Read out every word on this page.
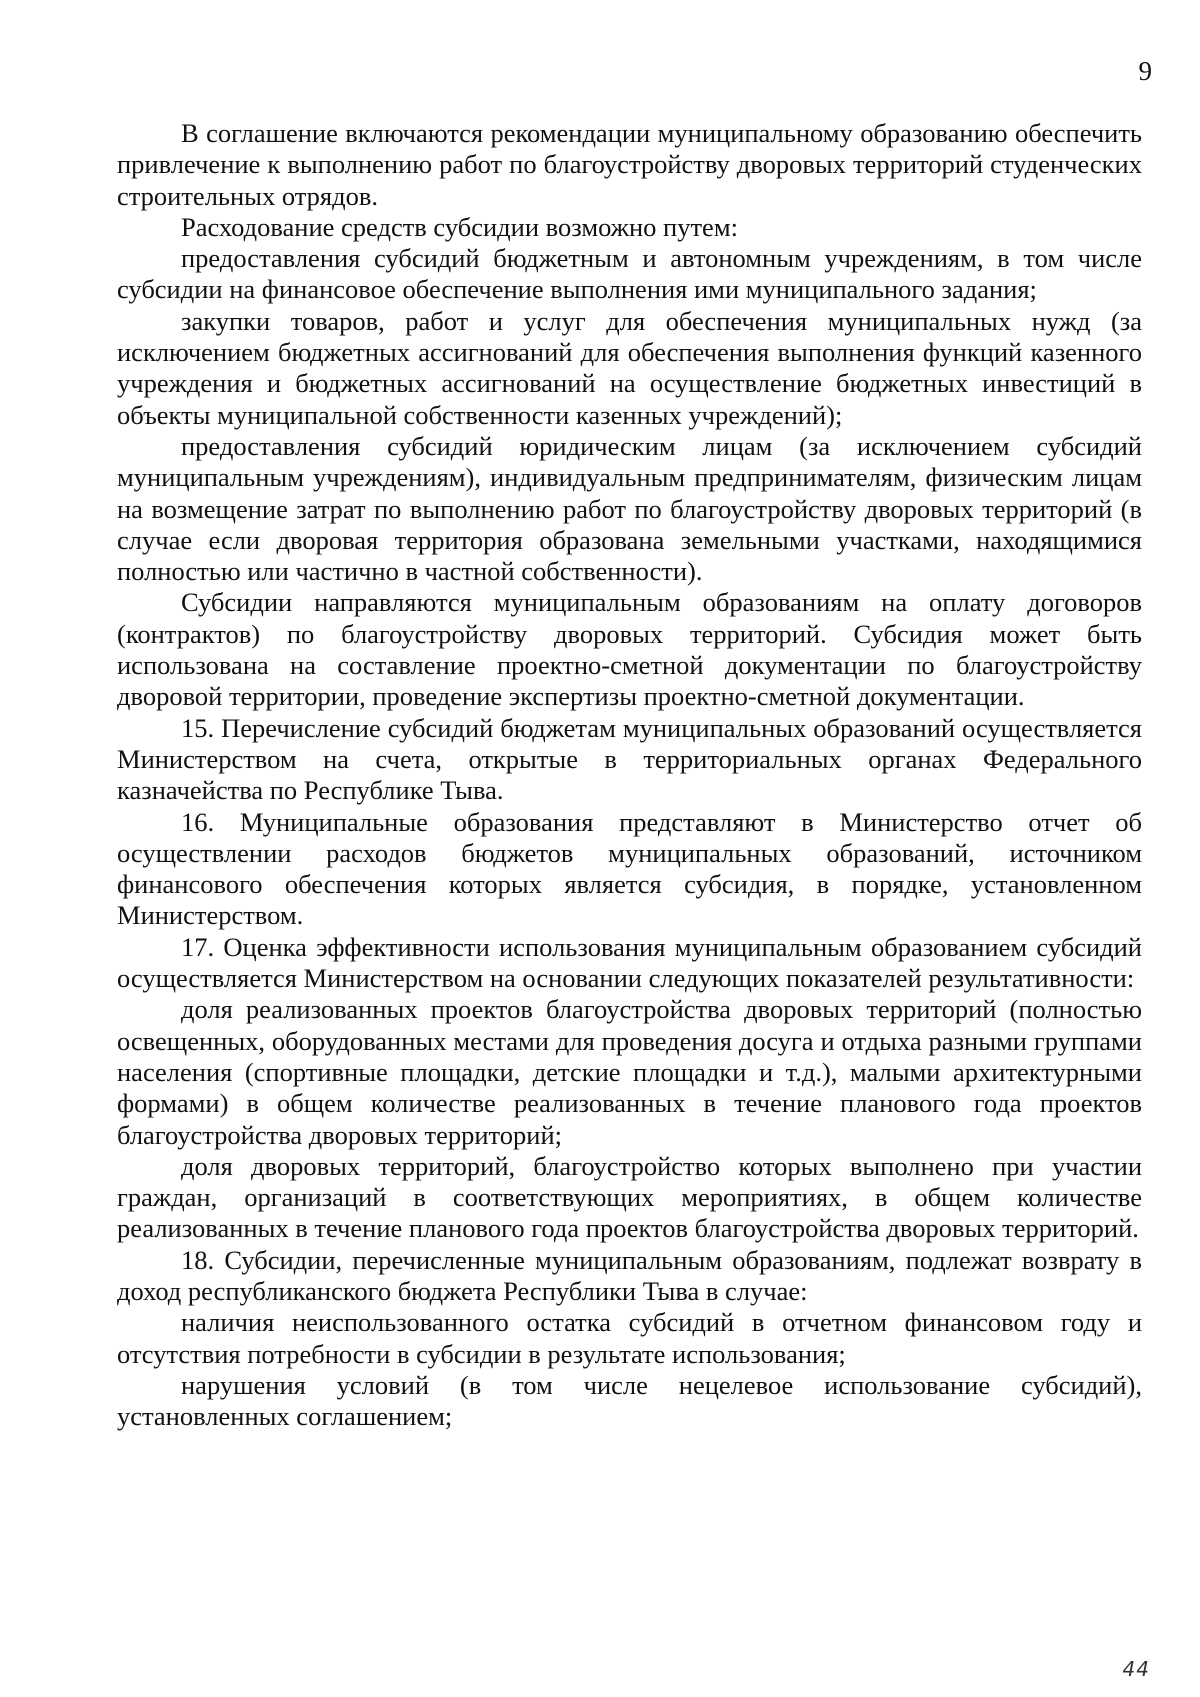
9

В соглашение включаются рекомендации муниципальному образованию обеспечить привлечение к выполнению работ по благоустройству дворовых территорий студенческих строительных отрядов.

Расходование средств субсидии возможно путем:

предоставления субсидий бюджетным и автономным учреждениям, в том числе субсидии на финансовое обеспечение выполнения ими муниципального задания;

закупки товаров, работ и услуг для обеспечения муниципальных нужд (за исключением бюджетных ассигнований для обеспечения выполнения функций казенного учреждения и бюджетных ассигнований на осуществление бюджетных инвестиций в объекты муниципальной собственности казенных учреждений);

предоставления субсидий юридическим лицам (за исключением субсидий муниципальным учреждениям), индивидуальным предпринимателям, физическим лицам на возмещение затрат по выполнению работ по благоустройству дворовых территорий (в случае если дворовая территория образована земельными участками, находящимися полностью или частично в частной собственности).

Субсидии направляются муниципальным образованиям на оплату договоров (контрактов) по благоустройству дворовых территорий. Субсидия может быть использована на составление проектно-сметной документации по благоустройству дворовой территории, проведение экспертизы проектно-сметной документации.

15. Перечисление субсидий бюджетам муниципальных образований осуществляется Министерством на счета, открытые в территориальных органах Федерального казначейства по Республике Тыва.

16. Муниципальные образования представляют в Министерство отчет об осуществлении расходов бюджетов муниципальных образований, источником финансового обеспечения которых является субсидия, в порядке, установленном Министерством.

17. Оценка эффективности использования муниципальным образованием субсидий осуществляется Министерством на основании следующих показателей результативности:

доля реализованных проектов благоустройства дворовых территорий (полностью освещенных, оборудованных местами для проведения досуга и отдыха разными группами населения (спортивные площадки, детские площадки и т.д.), малыми архитектурными формами) в общем количестве реализованных в течение планового года проектов благоустройства дворовых территорий;

доля дворовых территорий, благоустройство которых выполнено при участии граждан, организаций в соответствующих мероприятиях, в общем количестве реализованных в течение планового года проектов благоустройства дворовых территорий.

18. Субсидии, перечисленные муниципальным образованиям, подлежат возврату в доход республиканского бюджета Республики Тыва в случае:

наличия неиспользованного остатка субсидий в отчетном финансовом году и отсутствия потребности в субсидии в результате использования;

нарушения условий (в том числе нецелевое использование субсидий), установленных соглашением;

44
